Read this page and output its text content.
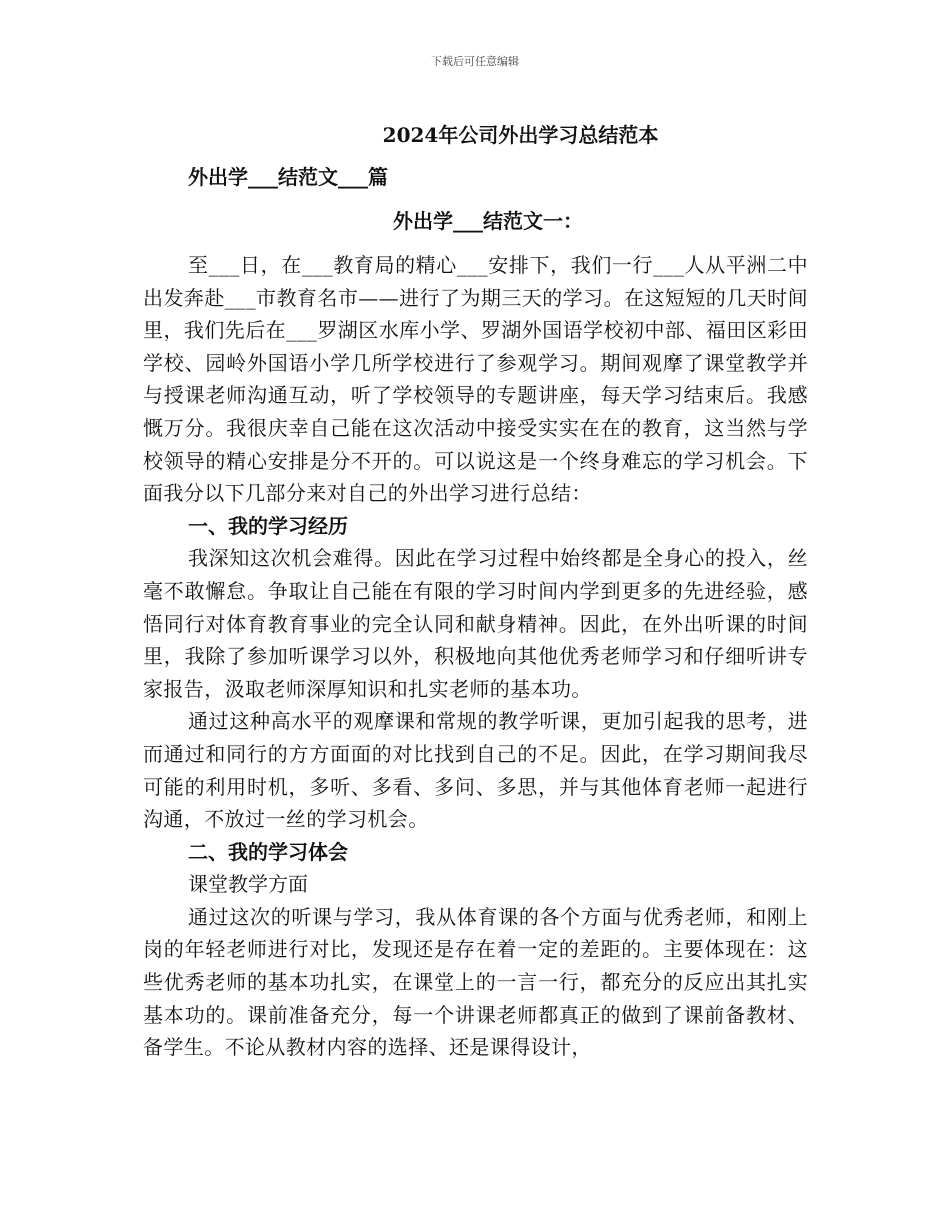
下载后可任意编辑
2024年公司外出学习总结范本
外出学___结范文___篇
外出学___结范文一：

至___日，在___教育局的精心___安排下，我们一行___人从平洲二中出发奔赴___市教育名市——进行了为期三天的学习。在这短短的几天时间里，我们先后在___罗湖区水库小学、罗湖外国语学校初中部、福田区彩田学校、园岭外国语小学几所学校进行了参观学习。期间观摩了课堂教学并与授课老师沟通互动，听了学校领导的专题讲座，每天学习结束后。我感慨万分。我很庆幸自己能在这次活动中接受实实在在的教育，这当然与学校领导的精心安排是分不开的。可以说这是一个终身难忘的学习机会。下面我分以下几部分来对自己的外出学习进行总结：

一、我的学习经历

我深知这次机会难得。因此在学习过程中始终都是全身心的投入，丝毫不敢懈怠。争取让自己能在有限的学习时间内学到更多的先进经验，感悟同行对体育教育事业的完全认同和献身精神。因此，在外出听课的时间里，我除了参加听课学习以外，积极地向其他优秀老师学习和仔细听讲专家报告，汲取老师深厚知识和扎实老师的基本功。

通过这种高水平的观摩课和常规的教学听课，更加引起我的思考，进而通过和同行的方方面面的对比找到自己的不足。因此，在学习期间我尽可能的利用时机，多听、多看、多问、多思，并与其他体育老师一起进行沟通，不放过一丝的学习机会。

二、我的学习体会

课堂教学方面

通过这次的听课与学习，我从体育课的各个方面与优秀老师，和刚上岗的年轻老师进行对比，发现还是存在着一定的差距的。主要体现在：这些优秀老师的基本功扎实，在课堂上的一言一行，都充分的反应出其扎实基本功的。课前准备充分，每一个讲课老师都真正的做到了课前备教材、备学生。不论从教材内容的选择、还是课得设计，
